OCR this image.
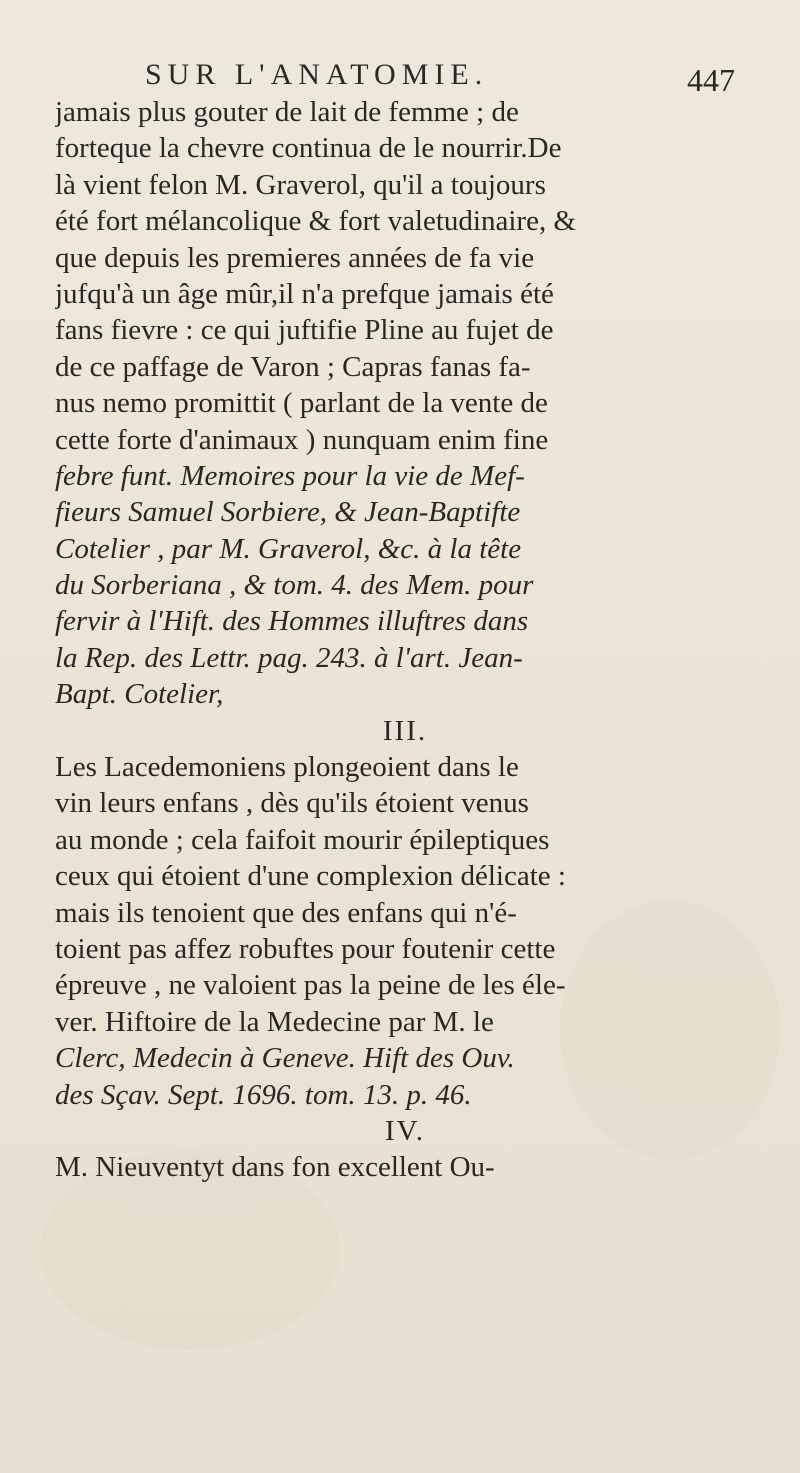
SUR L'ANATOMIE.	447
jamais plus gouter de lait de femme ; de
forteque la chevre continua de le nourrir.De
là vient felon M. Graverol, qu'il a toujours
été fort mélancolique & fort valetudinaire, &
que depuis les premieres années de fa vie
jufqu'à un âge mûr,il n'a prefque jamais été
fans fievre : ce qui juftifie Pline au fujet de
de ce paffage de Varon ; Capras fanas fa-
nus nemo promittit ( parlant de la vente de
cette forte d'animaux ) nunquam enim fine
febre funt. Memoires pour la vie de Mef-
fieurs Samuel Sorbiere, & Jean-Baptifte
Cotelier , par M. Graverol, &c. à la tête
du Sorberiana , & tom. 4. des Mem. pour
fervir à l'Hift. des Hommes illuftres dans
la Rep. des Lettr. pag. 243. à l'art. Jean-
Bapt. Cotelier,
III.
Les Lacedemoniens plongeoient dans le
vin leurs enfans , dès qu'ils étoient venus
au monde ; cela faifoit mourir épileptiques
ceux qui étoient d'une complexion délicate :
mais ils tenoient que des enfans qui n'é-
toient pas affez robuftes pour foutenir cette
épreuve , ne valoient pas la peine de les éle-
ver. Hiftoire de la Medecine par M. le
Clerc, Medecin à Geneve. Hift des Ouv.
des Sçav. Sept. 1696. tom. 13. p. 46.
IV.
M. Nieuventyt dans fon excellent Ou-
